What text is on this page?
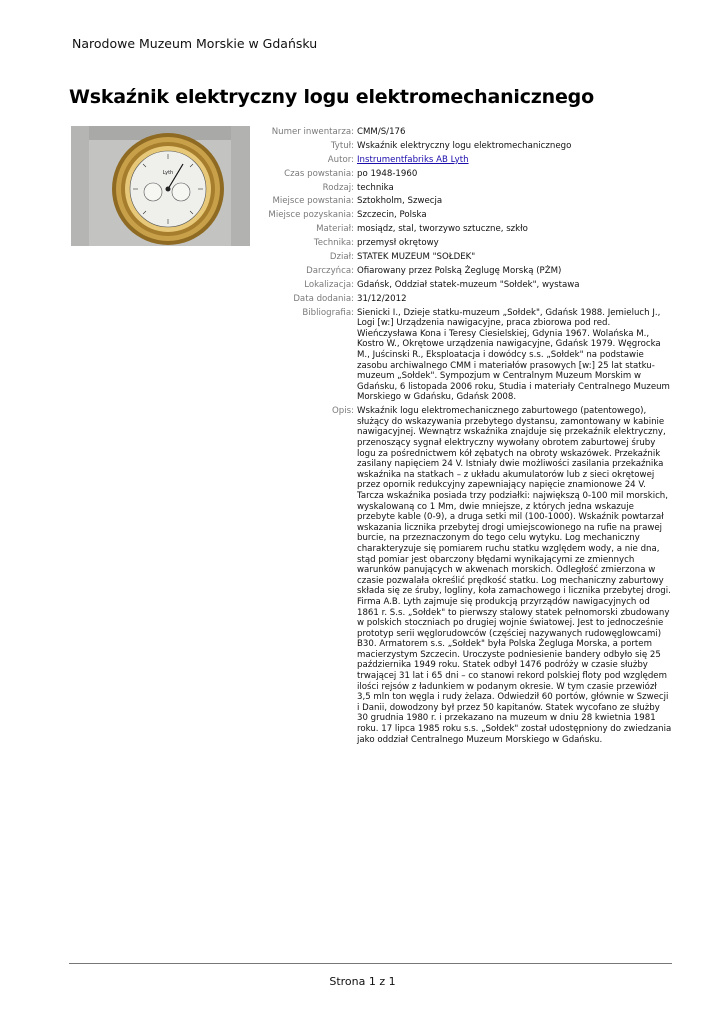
Narodowe Muzeum Morskie w Gdańsku
Wskaźnik elektryczny logu elektromechanicznego
Lyth
Numer inwentarza: CMM/S/176
Tytuł: Wskaźnik elektryczny logu elektromechanicznego
Autor: Instrumentfabriks AB Lyth
Czas powstania: po 1948-1960
Rodzaj: technika
Miejsce powstania: Sztokholm, Szwecja
Miejsce pozyskania: Szczecin, Polska
Materiał: mosiądz, stal, tworzywo sztuczne, szkło
Technika: przemysł okrętowy
Dział: STATEK MUZEUM "SOŁDEK"
Darczyńca: Ofiarowany przez Polską Żeglugę Morską (PŻM)
Lokalizacja: Gdańsk, Oddział statek-muzeum "Sołdek", wystawa
Data dodania: 31/12/2012
Bibliografia: Sienicki I., Dzieje statku-muzeum „Sołdek", Gdańsk 1988. Jemieluch J., Logi [w:] Urządzenia nawigacyjne, praca zbiorowa pod red. Wieńczysława Kona i Teresy Ciesielskiej, Gdynia 1967. Wolańska M., Kostro W., Okrętowe urządzenia nawigacyjne, Gdańsk 1979. Węgrocka M., Juścinski R., Eksploatacja i dowódcy s.s. „Sołdek" na podstawie zasobu archiwalnego CMM i materiałów prasowych [w:] 25 lat statku-muzeum „Sołdek". Sympozjum w Centralnym Muzeum Morskim w Gdańsku, 6 listopada 2006 roku, Studia i materiały Centralnego Muzeum Morskiego w Gdańsku, Gdańsk 2008.
Opis: Wskaźnik logu elektromechanicznego zaburtowego (patentowego), służący do wskazywania przebytego dystansu, zamontowany w kabinie nawigacyjnej. Wewnątrz wskaźnika znajduje się przekaźnik elektryczny, przenoszący sygnał elektryczny wywołany obrotem zaburtowej śruby logu za pośrednictwem kół zębatych na obroty wskazówek. Przekaźnik zasilany napięciem 24 V. Istniały dwie możliwości zasilania przekaźnika wskaźnika na statkach – z układu akumulatorów lub z sieci okrętowej przez opornik redukcyjny zapewniający napięcie znamionowe 24 V. Tarcza wskaźnika posiada trzy podziałki: największą 0-100 mil morskich, wyskalowaną co 1 Mm, dwie mniejsze, z których jedna wskazuje przebyte kable (0-9), a druga setki mil (100-1000). Wskaźnik powtarzał wskazania licznika przebytej drogi umiejscowionego na rufie na prawej burcie, na przeznaczonym do tego celu wytyku. Log mechaniczny charakteryzuje się pomiarem ruchu statku względem wody, a nie dna, stąd pomiar jest obarczony błędami wynikającymi ze zmiennych warunków panujących w akwenach morskich. Odległość zmierzona w czasie pozwalała określić prędkość statku. Log mechaniczny zaburtowy składa się ze śruby, logliny, koła zamachowego i licznika przebytej drogi. Firma A.B. Lyth zajmuje się produkcją przyrządów nawigacyjnych od 1861 r. S.s. „Sołdek" to pierwszy stalowy statek pełnomorski zbudowany w polskich stoczniach po drugiej wojnie światowej. Jest to jednocześnie prototyp serii węglorudowców (częściej nazywanych rudowęglowcami) B30. Armatorem s.s. „Sołdek" była Polska Żegluga Morska, a portem macierzystym Szczecin. Uroczyste podniesienie bandery odbyło się 25 października 1949 roku. Statek odbył 1476 podróży w czasie służby trwającej 31 lat i 65 dni – co stanowi rekord polskiej floty pod względem ilości rejsów z ładunkiem w podanym okresie. W tym czasie przewiózł 3,5 mln ton węgla i rudy żelaza. Odwiedził 60 portów, głównie w Szwecji i Danii, dowodzony był przez 50 kapitanów. Statek wycofano ze służby 30 grudnia 1980 r. i przekazano na muzeum w dniu 28 kwietnia 1981 roku. 17 lipca 1985 roku s.s. „Sołdek" został udostępniony do zwiedzania jako oddział Centralnego Muzeum Morskiego w Gdańsku.
Strona 1 z 1
